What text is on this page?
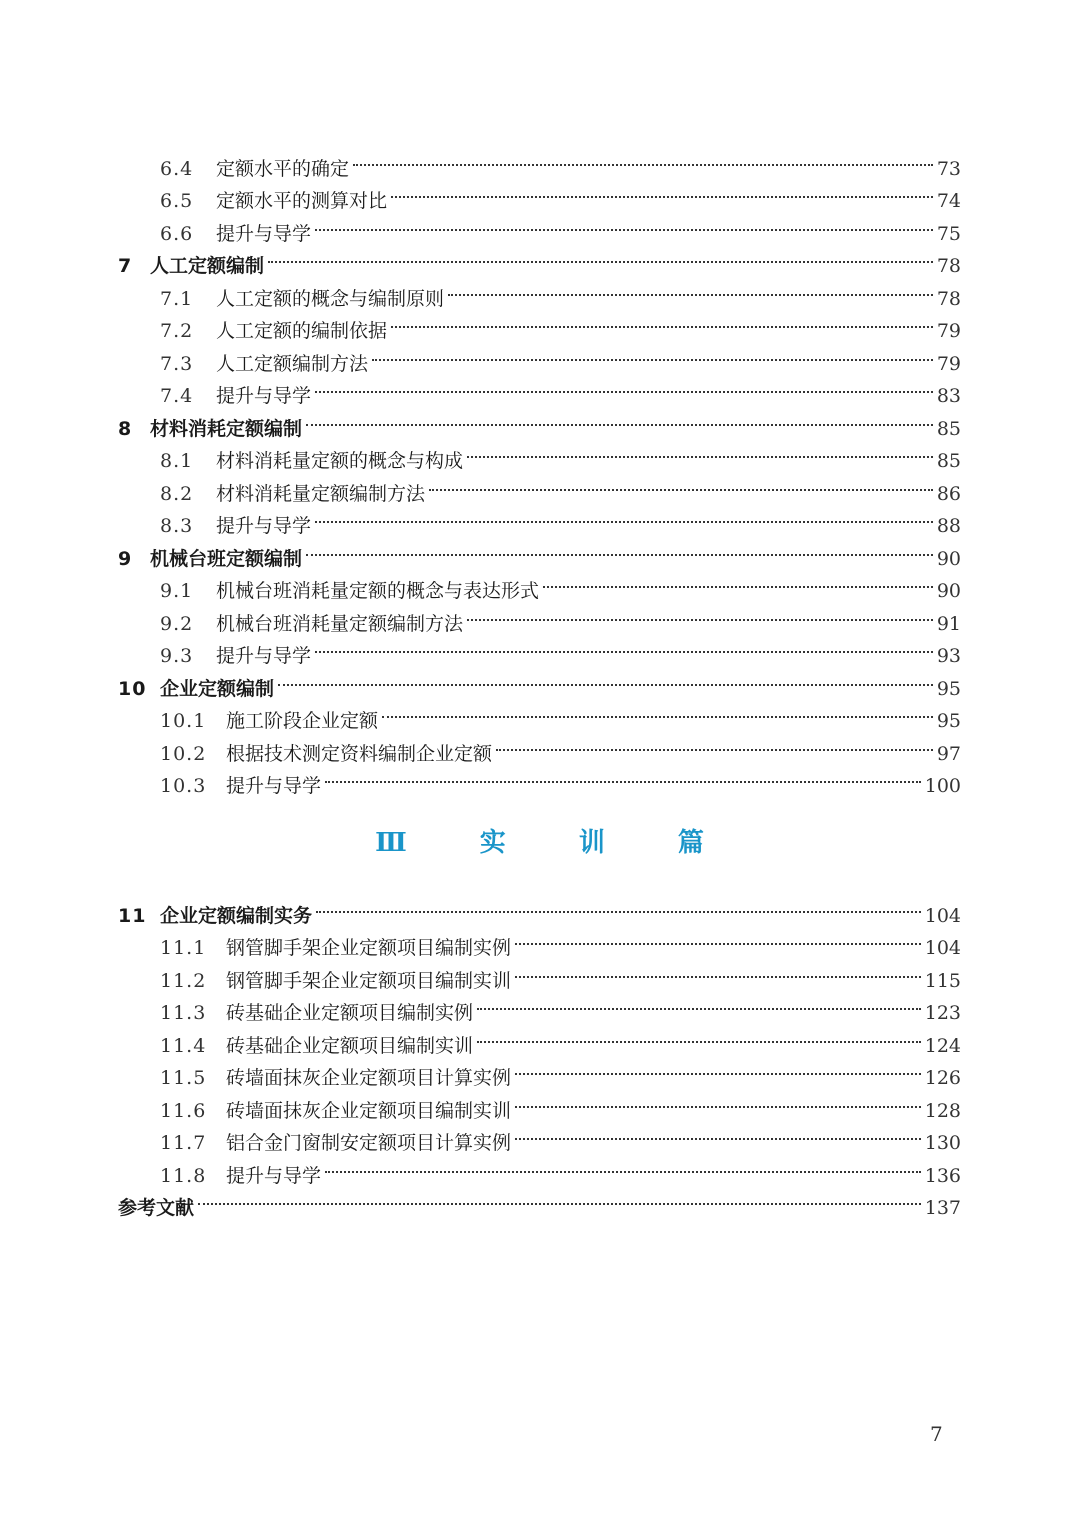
6.4	定额水平的确定	73
6.5	定额水平的测算对比	74
6.6	提升与导学	75
7 人工定额编制	78
7.1	人工定额的概念与编制原则	78
7.2	人工定额的编制依据	79
7.3	人工定额编制方法	79
7.4	提升与导学	83
8 材料消耗定额编制	85
8.1	材料消耗量定额的概念与构成	85
8.2	材料消耗量定额编制方法	86
8.3	提升与导学	88
9 机械台班定额编制	90
9.1	机械台班消耗量定额的概念与表达形式	90
9.2	机械台班消耗量定额编制方法	91
9.3	提升与导学	93
10 企业定额编制	95
10.1	施工阶段企业定额	95
10.2	根据技术测定资料编制企业定额	97
10.3	提升与导学	100
Ⅲ 实 训 篇
11 企业定额编制实务	104
11.1	钢管脚手架企业定额项目编制实例	104
11.2	钢管脚手架企业定额项目编制实训	115
11.3	砖基础企业定额项目编制实例	123
11.4	砖基础企业定额项目编制实训	124
11.5	砖墙面抹灰企业定额项目计算实例	126
11.6	砖墙面抹灰企业定额项目编制实训	128
11.7	铝合金门窗制安定额项目计算实例	130
11.8	提升与导学	136
参考文献	137
7
